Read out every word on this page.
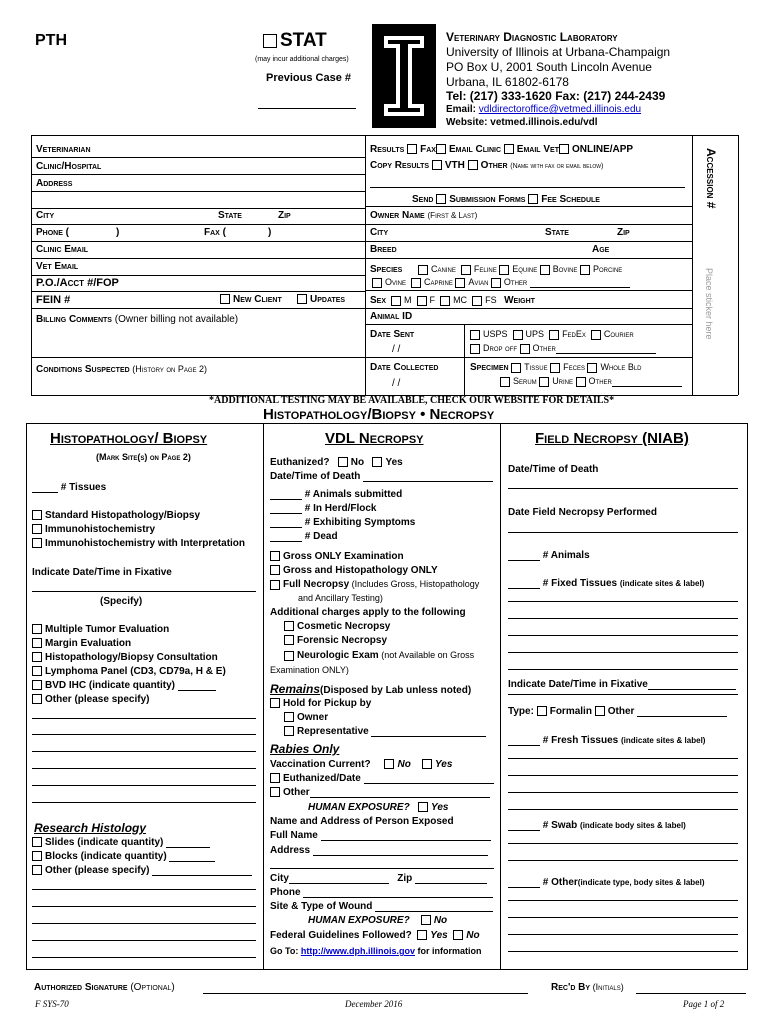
PTH	STAT
(may incur additional charges)
Previous Case #
Veterinary Diagnostic Laboratory
University of Illinois at Urbana-Champaign
PO Box U, 2001 South Lincoln Avenue
Urbana, IL 61802-6178
Tel: (217) 333-1620 Fax: (217) 244-2439
Email: vdldirectoroffice@vetmed.illinois.edu
Website: vetmed.illinois.edu/vdl
Veterinarian
Clinic/Hospital
Address
City	State	Zip
Phone (	)	Fax (	)
Clinic Email
Vet Email
P.O./Acct #/FOP
FEIN #	New Client	Updates
Billing Comments (Owner billing not available)
Conditions Suspected (History on Page 2)
Results Fax Email Clinic Email Vet ONLINE/APP
Copy Results VTH Other (Name with fax or email below)
Send Submission Forms Fee Schedule
Owner Name (First & Last)
City	State	Zip
Breed	Age
Species	Canine Feline Equine Bovine Porcine
Ovine Caprine Avian Other
Sex M F MC FS Weight
Animal ID
Date Sent
/ /
USPS UPS FedEx Courier
Drop off Other
Date Collected
/ /
Specimen Tissue Feces Whole Bld
Serum Urine Other
Accession #
Place sticker here
*ADDITIONAL TESTING MAY BE AVAILABLE, CHECK OUR WEBSITE FOR DETAILS*
Histopathology/Biopsy • Necropsy
Histopathology/ Biopsy
(Mark Site(s) on Page 2)
# Tissues
Standard Histopathology/Biopsy
Immunohistochemistry
Immunohistochemistry with Interpretation
Indicate Date/Time in Fixative
(Specify)
Multiple Tumor Evaluation
Margin Evaluation
Histopathology/Biopsy Consultation
Lymphoma Panel (CD3, CD79a, H & E)
BVD IHC (indicate quantity)
Other (please specify)
Research Histology
Slides (indicate quantity)
Blocks (indicate quantity)
Other (please specify)
VDL Necropsy
Euthanized? No Yes
Date/Time of Death
# Animals submitted
# In Herd/Flock
# Exhibiting Symptoms
# Dead
Gross ONLY Examination
Gross and Histopathology ONLY
Full Necropsy (Includes Gross, Histopathology
and Ancillary Testing)
Additional charges apply to the following
Cosmetic Necropsy
Forensic Necropsy
Neurologic Exam (not Available on Gross
Examination ONLY)
Remains(Disposed by Lab unless noted)
Hold for Pickup by
Owner
Representative
Rabies Only
Vaccination Current?	No Yes
Euthanized/Date
Other
HUMAN EXPOSURE? Yes
Name and Address of Person Exposed
Full Name
Address
City	Zip
Phone
Site & Type of Wound
HUMAN EXPOSURE? No
Federal Guidelines Followed? Yes No
Go To: http://www.dph.illinois.gov for information
Field Necropsy (NIAB)
Date/Time of Death
Date Field Necropsy Performed
# Animals
# Fixed Tissues (indicate sites & label)
Indicate Date/Time in Fixative
Type: Formalin Other
# Fresh Tissues (indicate sites & label)
# Swab (indicate body sites & label)
# Other(indicate type, body sites & label)
Authorized Signature (Optional)	Rec'd By (Initials)
F SYS-70	December 2016	Page 1 of 2
